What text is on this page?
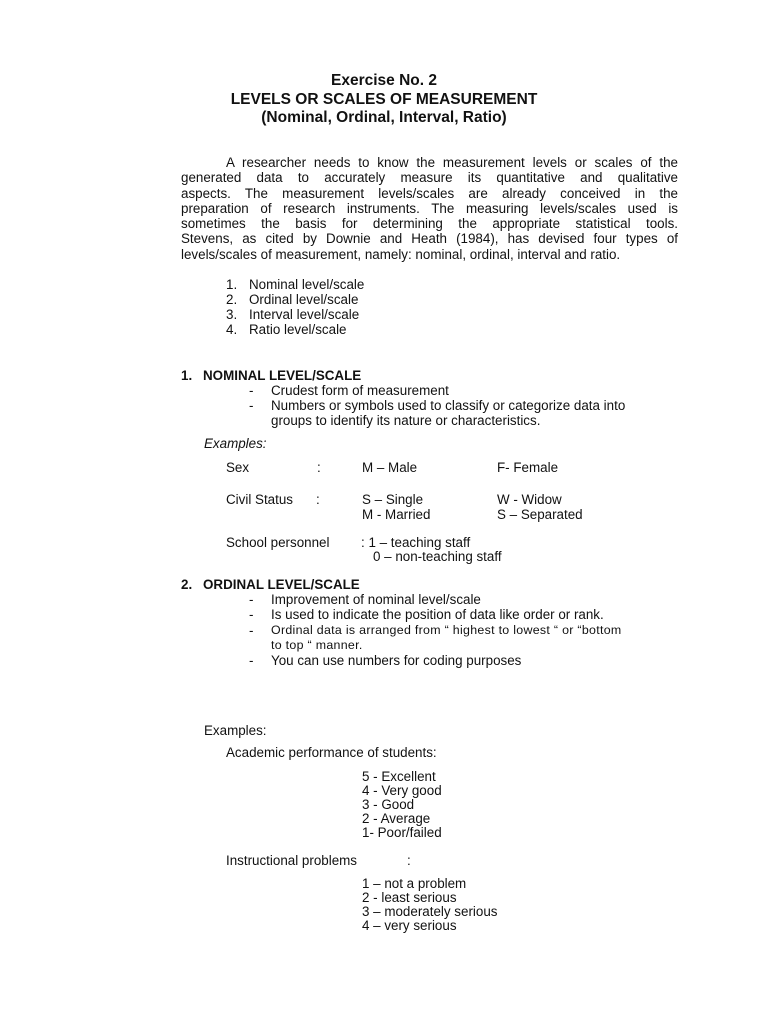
Exercise No. 2
LEVELS OR SCALES OF MEASUREMENT
(Nominal, Ordinal, Interval, Ratio)
A researcher needs to know the measurement levels or scales of the
generated data to accurately measure its quantitative and qualitative
aspects. The measurement levels/scales are already conceived in the
preparation of research instruments. The measuring levels/scales used is
sometimes the basis for determining the appropriate statistical tools.
Stevens, as cited by Downie and Heath (1984), has devised four types of
levels/scales of measurement, namely: nominal, ordinal, interval and ratio.
1. Nominal level/scale
2. Ordinal level/scale
3. Interval level/scale
4. Ratio level/scale
1. NOMINAL LEVEL/SCALE
- Crudest form of measurement
- Numbers or symbols used to classify or categorize data into
groups to identify its nature or characteristics.
Examples:
Sex	:	M – Male	F- Female
Civil Status :	S – Single	W - Widow
M - Married	S – Separated
School personnel : 1 – teaching staff
0 – non-teaching staff
2. ORDINAL LEVEL/SCALE
- Improvement of nominal level/scale
- Is used to indicate the position of data like order or rank.
- Ordinal data is arranged from “ highest to lowest “ or “bottom
to top “ manner.
- You can use numbers for coding purposes
Examples:
Academic performance of students:
5 - Excellent
4 - Very good
3 - Good
2 - Average
1- Poor/failed
Instructional problems	:
1 – not a problem
2 - least serious
3 – moderately serious
4 – very serious
